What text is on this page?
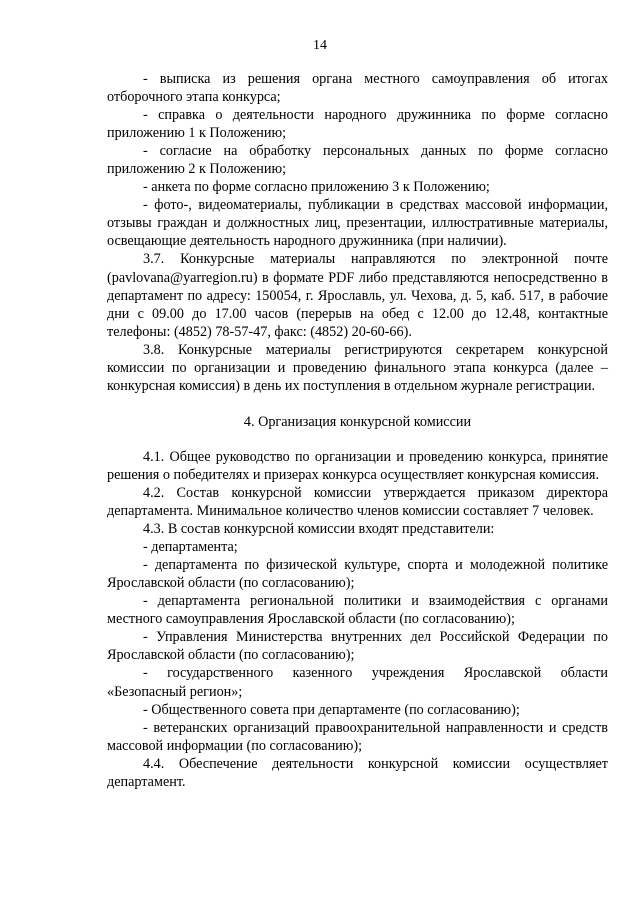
14

- выписка из решения органа местного самоуправления об итогах отборочного этапа конкурса;

- справка о деятельности народного дружинника по форме согласно приложению 1 к Положению;

- согласие на обработку персональных данных по форме согласно приложению 2 к Положению;

- анкета по форме согласно приложению 3 к Положению;

- фото-, видеоматериалы, публикации в средствах массовой информации, отзывы граждан и должностных лиц, презентации, иллюстративные материалы, освещающие деятельность народного дружинника (при наличии).

3.7. Конкурсные материалы направляются по электронной почте (pavlovana@yarregion.ru) в формате PDF либо представляются непосредственно в департамент по адресу: 150054, г. Ярославль, ул. Чехова, д. 5, каб. 517, в рабочие дни с 09.00 до 17.00 часов (перерыв на обед с 12.00 до 12.48, контактные телефоны: (4852) 78-57-47, факс: (4852) 20-60-66).

3.8. Конкурсные материалы регистрируются секретарем конкурсной комиссии по организации и проведению финального этапа конкурса (далее – конкурсная комиссия) в день их поступления в отдельном журнале регистрации.

4. Организация конкурсной комиссии

4.1. Общее руководство по организации и проведению конкурса, принятие решения о победителях и призерах конкурса осуществляет конкурсная комиссия.

4.2. Состав конкурсной комиссии утверждается приказом директора департамента. Минимальное количество членов комиссии составляет 7 человек.

4.3. В состав конкурсной комиссии входят представители:

- департамента;

- департамента по физической культуре, спорта и молодежной политике Ярославской области (по согласованию);

- департамента региональной политики и взаимодействия с органами местного самоуправления Ярославской области (по согласованию);

- Управления Министерства внутренних дел Российской Федерации по Ярославской области (по согласованию);

- государственного казенного учреждения Ярославской области «Безопасный регион»;

- Общественного совета при департаменте (по согласованию);

- ветеранских организаций правоохранительной направленности и средств массовой информации (по согласованию);

4.4. Обеспечение деятельности конкурсной комиссии осуществляет департамент.
